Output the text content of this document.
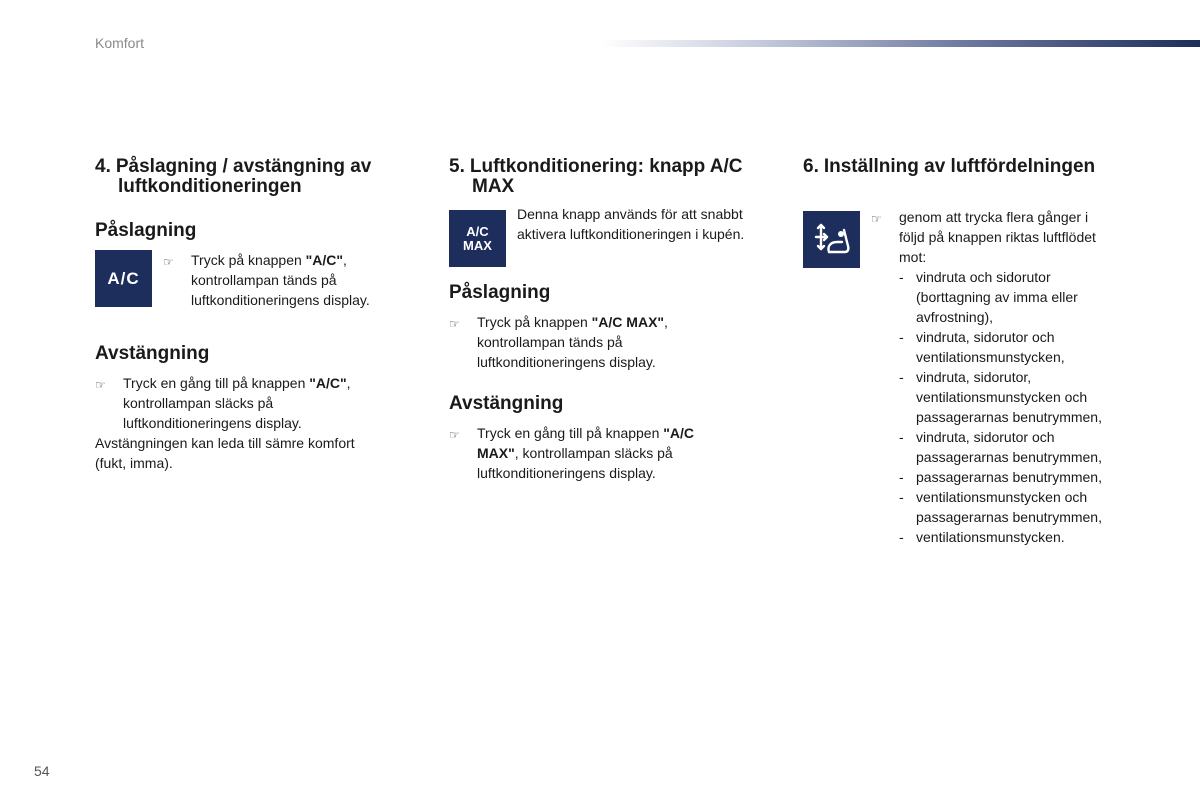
Komfort
4. Påslagning / avstängning av
luftkonditioneringen
Påslagning
A/C
☞	Tryck på knappen "A/C",
kontrollampan tänds på
luftkonditioneringens display.
Avstängning
☞	Tryck en gång till på knappen "A/C",
kontrollampan släcks på
luftkonditioneringens display.
Avstängningen kan leda till sämre komfort
(fukt, imma).
5. Luftkonditionering: knapp A/C
MAX
A/C
MAX
Denna knapp används för att snabbt
aktivera luftkonditioneringen i kupén.
Påslagning
☞	Tryck på knappen "A/C MAX",
kontrollampan tänds på
luftkonditioneringens display.
Avstängning
☞	Tryck en gång till på knappen "A/C
MAX", kontrollampan släcks på
luftkonditioneringens display.
6. Inställning av luftfördelningen
☞	genom att trycka flera gånger i
följd på knappen riktas luftflödet
mot:
- vindruta och sidorutor
(borttagning av imma eller
avfrostning),
- vindruta, sidorutor och
ventilationsmunstycken,
- vindruta, sidorutor,
ventilationsmunstycken och
passagerarnas benutrymmen,
- vindruta, sidorutor och
passagerarnas benutrymmen,
- passagerarnas benutrymmen,
- ventilationsmunstycken och
passagerarnas benutrymmen,
- ventilationsmunstycken.
54
